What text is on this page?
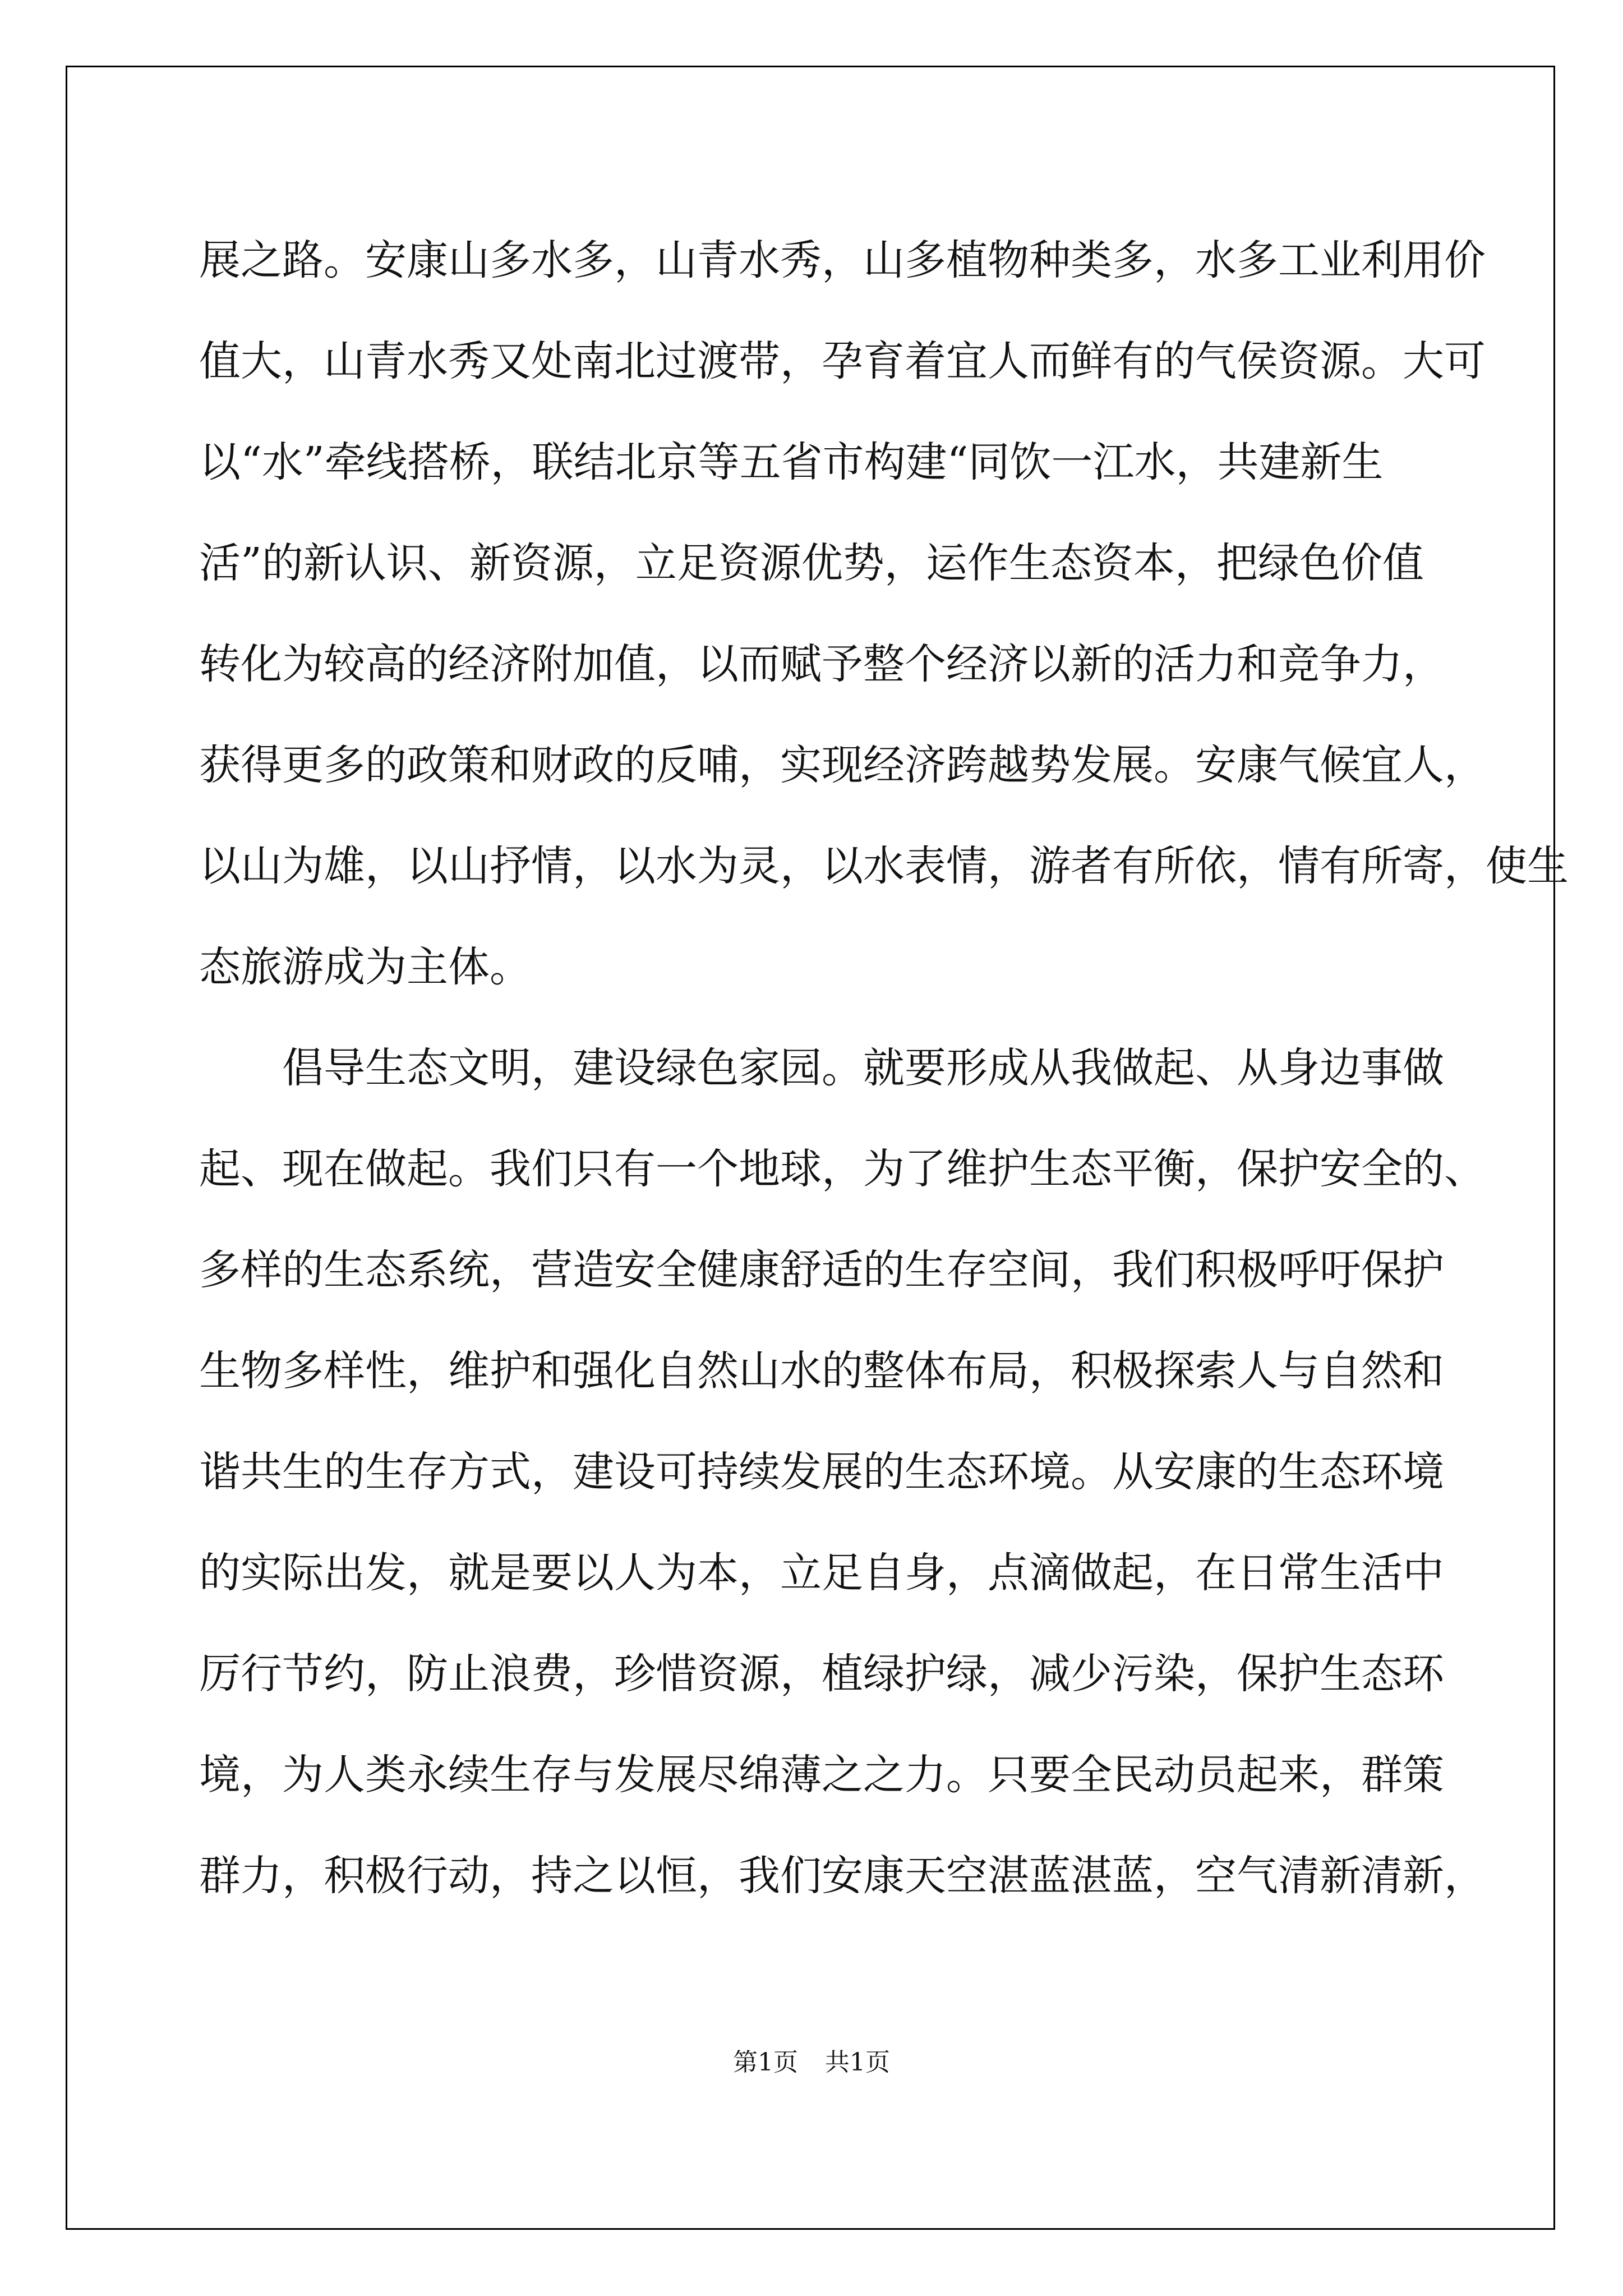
展之路。安康山多水多，山青水秀，山多植物种类多，水多工业利用价
值大，山青水秀又处南北过渡带，孕育着宜人而鲜有的气侯资源。大可
以“水”牵线搭桥，联结北京等五省市构建“同饮一江水，共建新生
活”的新认识、新资源，立足资源优势，运作生态资本，把绿色价值
转化为较高的经济附加值，以而赋予整个经济以新的活力和竞争力，
获得更多的政策和财政的反哺，实现经济跨越势发展。安康气候宜人，
以山为雄，以山抒情，以水为灵，以水表情，游者有所依，情有所寄，使生
态旅游成为主体。
倡导生态文明，建设绿色家园。就要形成从我做起、从身边事做
起、现在做起。我们只有一个地球，为了维护生态平衡，保护安全的、
多样的生态系统，营造安全健康舒适的生存空间，我们积极呼吁保护
生物多样性，维护和强化自然山水的整体布局，积极探索人与自然和
谐共生的生存方式，建设可持续发展的生态环境。从安康的生态环境
的实际出发，就是要以人为本，立足自身，点滴做起，在日常生活中
厉行节约，防止浪费，珍惜资源，植绿护绿，减少污染，保护生态环
境，为人类永续生存与发展尽绵薄之之力。只要全民动员起来，群策
群力，积极行动，持之以恒，我们安康天空湛蓝湛蓝，空气清新清新，
第1页 共1页
